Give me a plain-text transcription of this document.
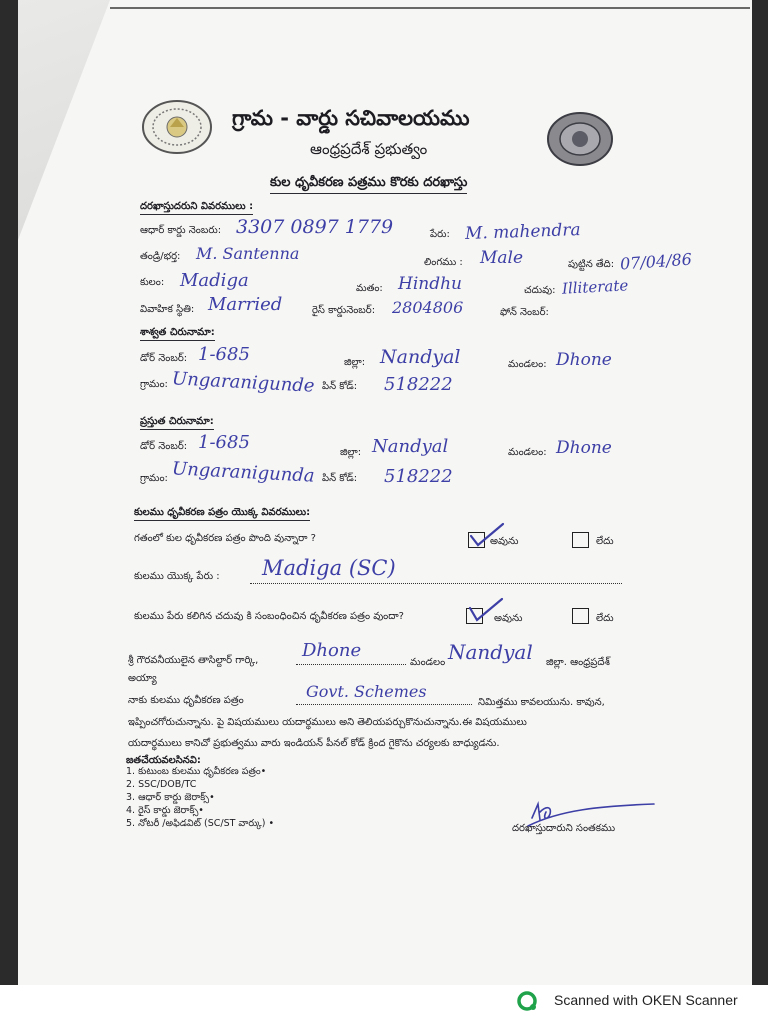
గ్రామ - వార్డు సచివాలయము
ఆంధ్రప్రదేశ్ ప్రభుత్వం
కుల ధృవీకరణ పత్రము కొరకు దరఖాస్తు
దరఖాస్తుదరుని వివరములు :
ఆధార్ కార్డు నెంబరు: 3307 0897 1779	పేరు: M. mahendra
తండ్రి/భర్త: M. Santenna	లింగము : Male	పుట్టిన తేది: 07/04/86
కులం: Madiga	మతం: Hindhu	చదువు: Illiterate
వివాహిక స్థితి: Married	రైస్ కార్డునెంబర్: 2804806	ఫోన్ నెంబర్:
శాశ్వత చిరునామా:
డోర్ నెంబర్: 1-685	జిల్లా: Nandyal	మండలం: Dhone
గ్రామం: Ungaranigunde పిన్ కోడ్: 518222
ప్రస్తుత చిరునామా:
డోర్ నెంబర్: 1-685	జిల్లా: Nandyal	మండలం: Dhone
గ్రామం: Ungaranigunda పిన్ కోడ్: 518222
కులము ధృవీకరణ పత్రం యొక్క వివరములు:
గతంలో కుల ధృవీకరణ పత్రం పొంది వున్నారా ?	అవును	లేదు
కులము యొక్క పేరు : Madiga (SC)
కులము పేరు కలిగిన చదువు కి సంబంధించిన ధృవీకరణ పత్రం వుందా?	అవును	లేదు
శ్రీ గౌరవనీయులైన తాసిల్దార్ గార్కి, Dhone
మండలం Nandyal జిల్లా. ఆంధ్రప్రదేశ్
అయ్యా
నాకు కులము ధృవీకరణ పత్రం	Govt. Schemes
నిమిత్తము కావలయును. కావున,
ఇప్పించగోరుచున్నాను. పై విషయములు యదార్థములు అని తెలియపర్చుకొనుచున్నాను.ఈ విషయములు
యదార్థములు కానిచో ప్రభుత్వము వారు ఇండియన్ పీనల్ కోడ్ క్రింద గైకొను చర్యలకు బాధ్యుడను.
జతచేయవలసినవి:
1. కుటుంబ కులము ధృవీకరణ పత్రం•
2. SSC/DOB/TC
3. ఆధార్ కార్డు జెరాక్స్•
4. రైస్ కార్డు జెరాక్స్•
5. నోటరీ /అఫిడవిట్ (SC/ST వార్కు) •	దరఖాస్తుదారుని సంతకము
Scanned with OKEN Scanner
